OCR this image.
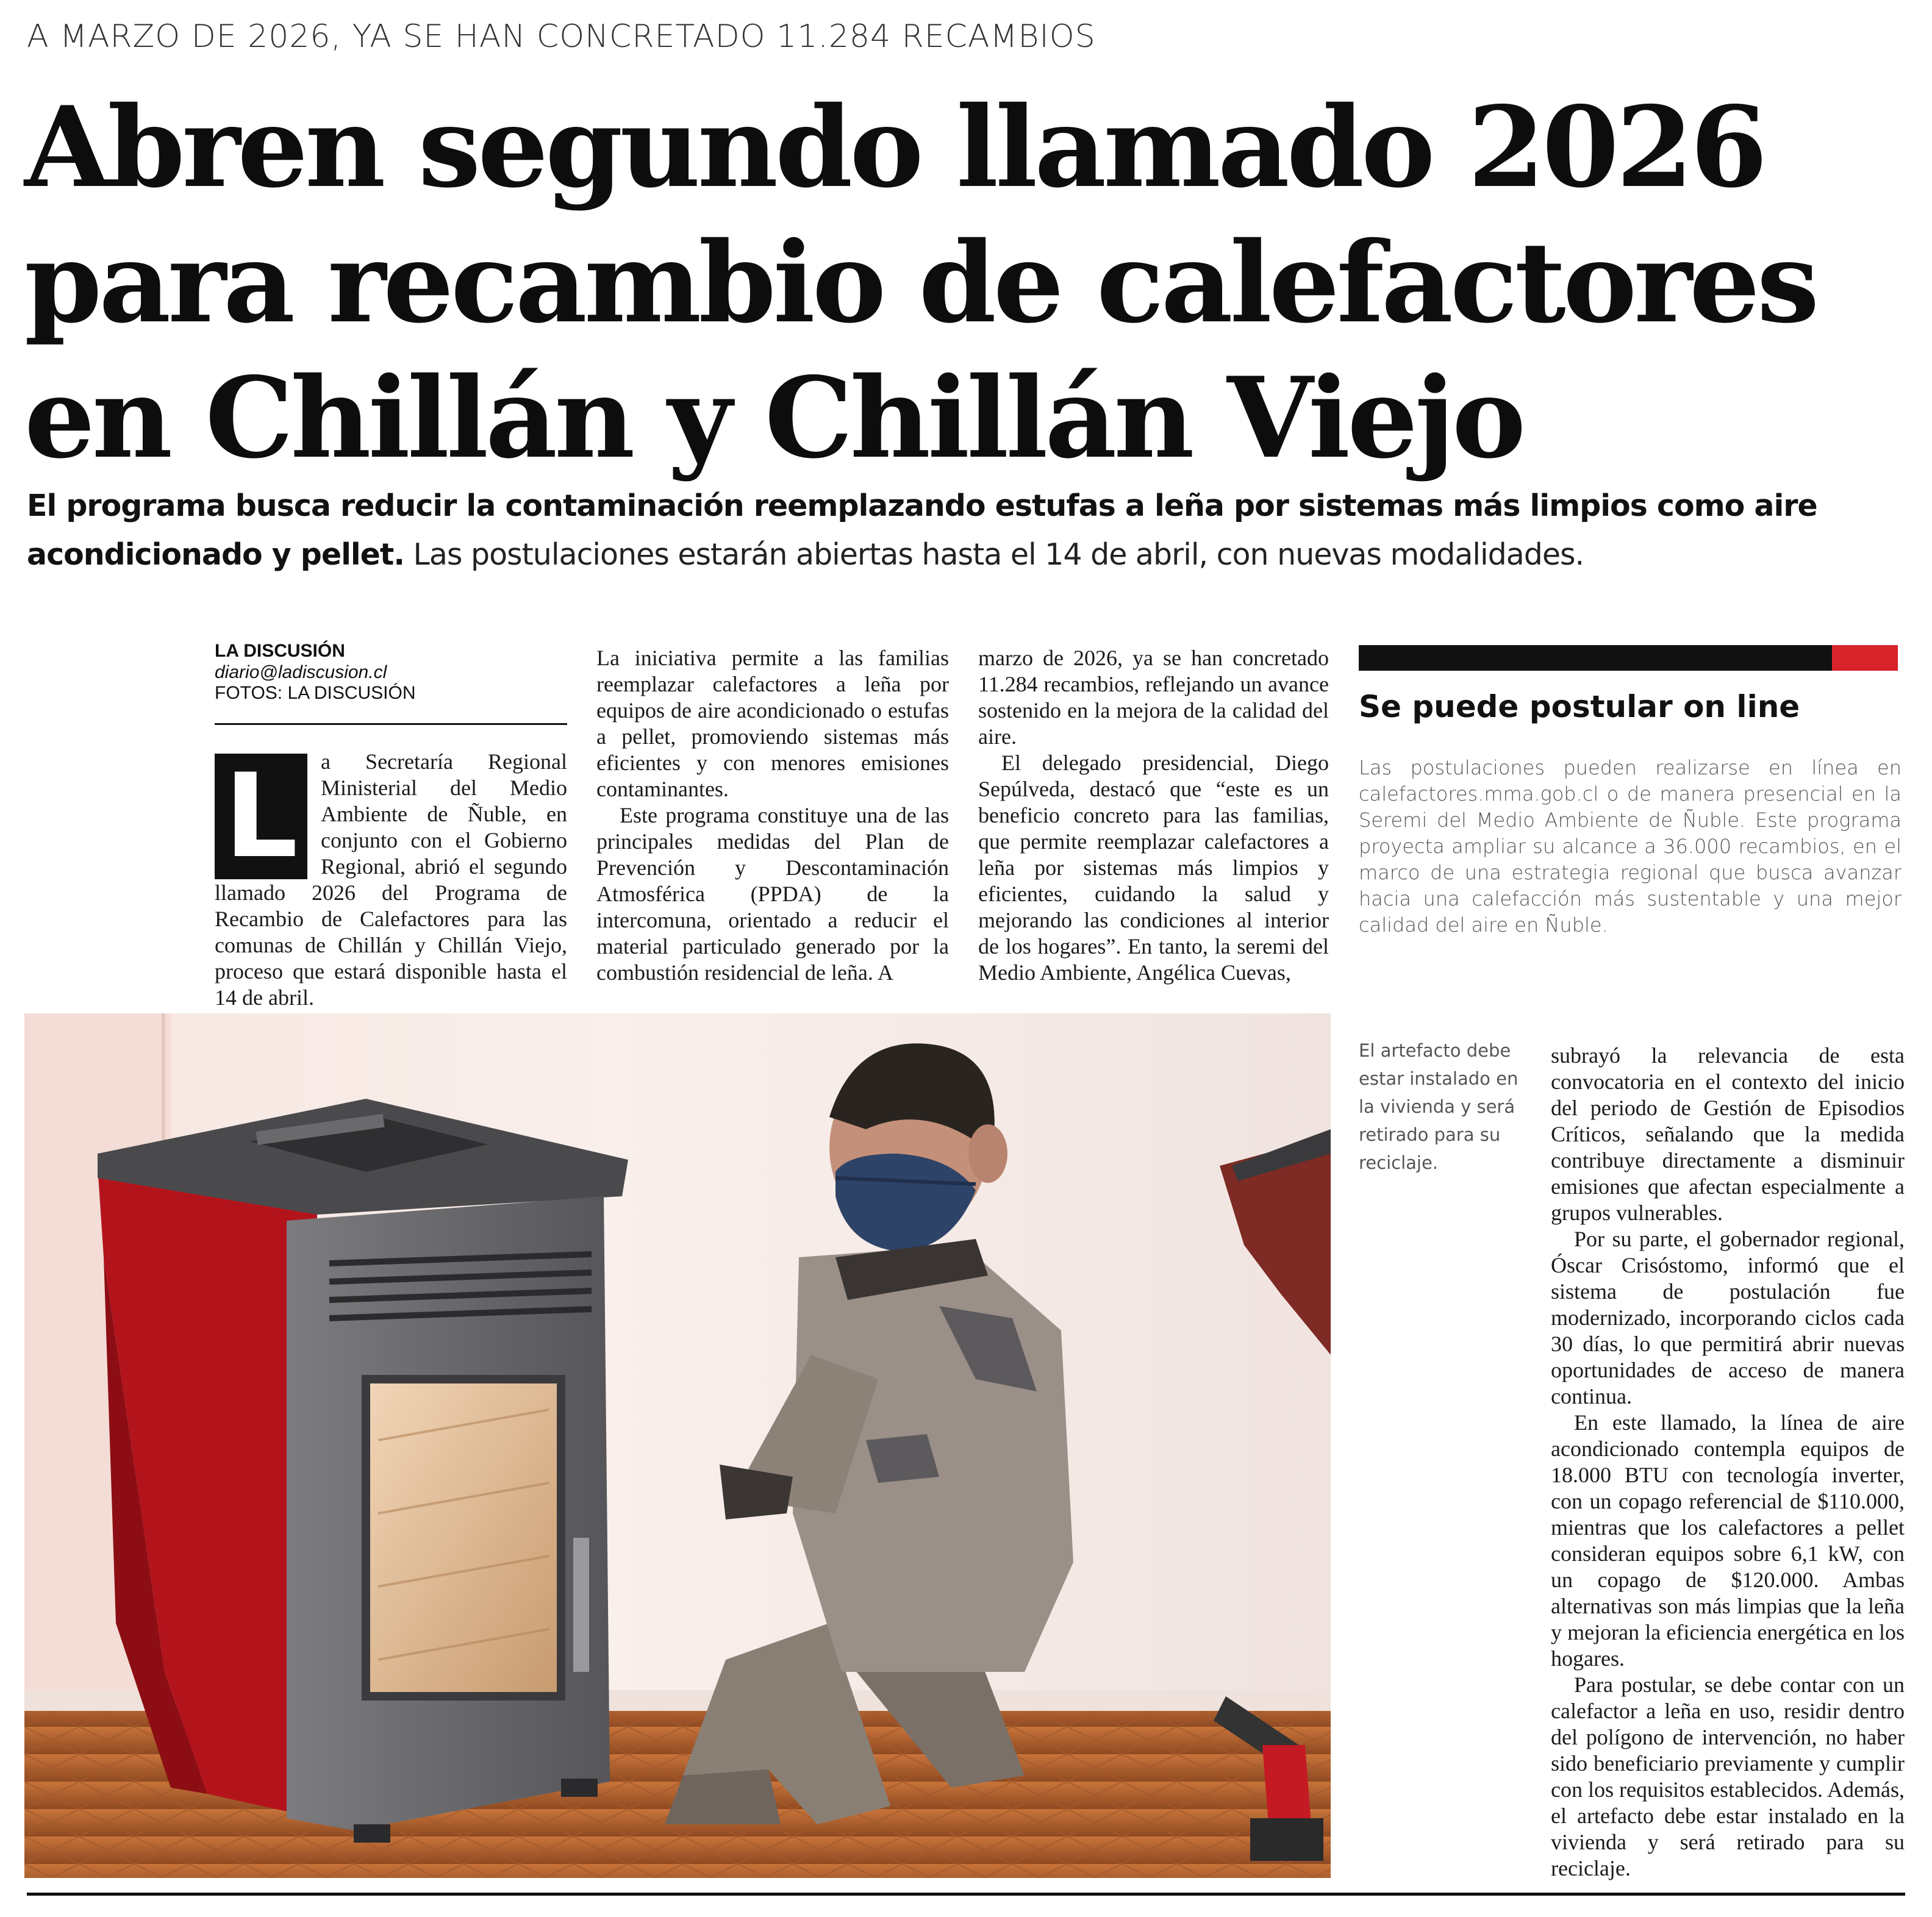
A MARZO DE 2026, YA SE HAN CONCRETADO 11.284 RECAMBIOS
Abren segundo llamado 2026
para recambio de calefactores
en Chillán y Chillán Viejo
El programa busca reducir la contaminación reemplazando estufas a leña por sistemas más limpios como aire acondicionado y pellet. Las postulaciones estarán abiertas hasta el 14 de abril, con nuevas modalidades.
LA DISCUSIÓN
diario@ladiscusion.cl
FOTOS: LA DISCUSIÓN
L	a Secretaría Regional Ministerial del Medio Ambiente de Ñuble, en conjunto con el Gobierno Regional, abrió el segundo llamado 2026 del Programa de Recambio de Calefactores para las comunas de Chillán y Chillán Viejo, proceso que estará disponible hasta el 14 de abril.

La iniciativa permite a las familias reemplazar calefactores a leña por equipos de aire acondicionado o estufas a pellet, promoviendo sistemas más eficientes y con menores emisiones contaminantes.

Este programa constituye una de las principales medidas del Plan de Prevención y Descontaminación Atmosférica (PPDA) de la intercomuna, orientado a reducir el material particulado generado por la combustión residencial de leña. A

marzo de 2026, ya se han concretado 11.284 recambios, reflejando un avance sostenido en la mejora de la calidad del aire.

El delegado presidencial, Diego Sepúlveda, destacó que “este es un beneficio concreto para las familias, que permite reemplazar calefactores a leña por sistemas más limpios y eficientes, cuidando la salud y mejorando las condiciones al interior de los hogares”. En tanto, la seremi del Medio Ambiente, Angélica Cuevas,

Se puede postular on line
Las postulaciones pueden realizarse en línea en calefactores.mma.gob.cl o de manera presencial en la Seremi del Medio Ambiente de Ñuble. Este programa proyecta ampliar su alcance a 36.000 recambios, en el marco de una estrategia regional que busca avanzar hacia una calefacción más sustentable y una mejor calidad del aire en Ñuble.
El artefacto debe estar instalado en la vivienda y será retirado para su reciclaje.

subrayó la relevancia de esta convocatoria en el contexto del inicio del periodo de Gestión de Episodios Críticos, señalando que la medida contribuye directamente a disminuir emisiones que afectan especialmente a grupos vulnerables.

Por su parte, el gobernador regional, Óscar Crisóstomo, informó que el sistema de postulación fue modernizado, incorporando ciclos cada 30 días, lo que permitirá abrir nuevas oportunidades de acceso de manera continua.

En este llamado, la línea de aire acondicionado contempla equipos de 18.000 BTU con tecnología inverter, con un copago referencial de $110.000, mientras que los calefactores a pellet consideran equipos sobre 6,1 kW, con un copago de $120.000. Ambas alternativas son más limpias que la leña y mejoran la eficiencia energética en los hogares.

Para postular, se debe contar con un calefactor a leña en uso, residir dentro del polígono de intervención, no haber sido beneficiario previamente y cumplir con los requisitos establecidos. Además, el artefacto debe estar instalado en la vivienda y será retirado para su reciclaje.
